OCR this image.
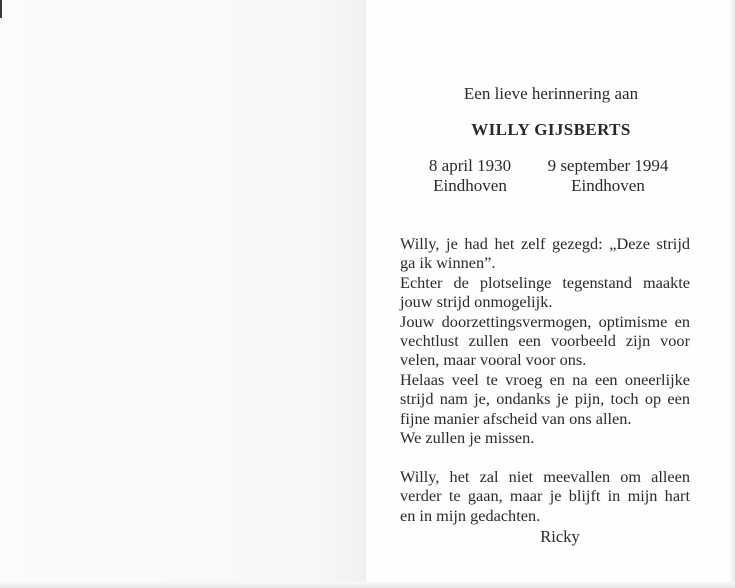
Een lieve herinnering aan
WILLY GIJSBERTS
8 april 1930
Eindhoven
9 september 1994
Eindhoven
Willy, je had het zelf gezegd: „Deze strijd
ga ik winnen”.
Echter de plotselinge tegenstand maakte
jouw strijd onmogelijk.
Jouw doorzettingsvermogen, optimisme en
vechtlust zullen een voorbeeld zijn voor
velen, maar vooral voor ons.
Helaas veel te vroeg en na een oneerlijke
strijd nam je, ondanks je pijn, toch op een
fijne manier afscheid van ons allen.
We zullen je missen.
Willy, het zal niet meevallen om alleen
verder te gaan, maar je blijft in mijn hart
en in mijn gedachten.
Ricky
